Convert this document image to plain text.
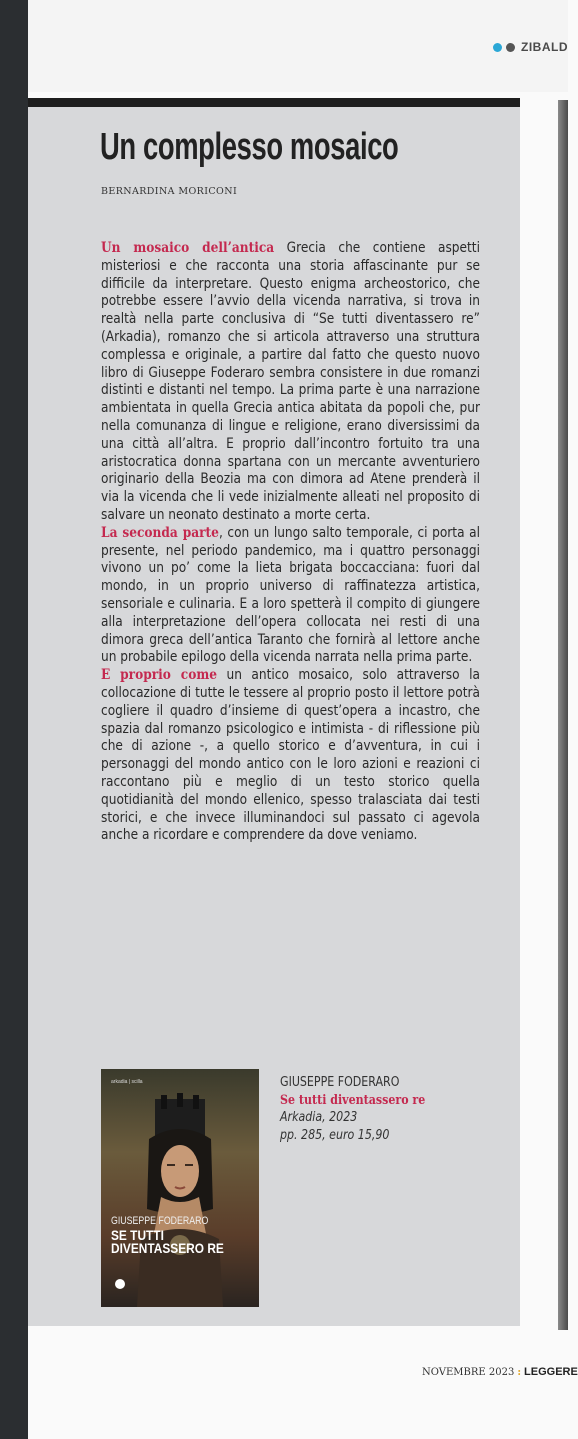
ZIBALD
Un complesso mosaico
BERNARDINA MORICONI

Un mosaico dell’antica Grecia che contiene aspetti misteriosi e che racconta una storia affascinante pur se difficile da interpretare. Questo enigma archeostorico, che potrebbe essere l’avvio della vicenda narrativa, si trova in realtà nella parte conclusiva di “Se tutti diventassero re” (Arkadia), romanzo che si articola attraverso una struttura complessa e originale, a partire dal fatto che questo nuovo libro di Giuseppe Foderaro sembra consistere in due romanzi distinti e distanti nel tempo. La prima parte è una narrazione ambientata in quella Grecia antica abitata da popoli che, pur nella comunanza di lingue e religione, erano diversissimi da una città all’altra. E proprio dall’incontro fortuito tra una aristocratica donna spartana con un mercante avventuriero originario della Beozia ma con dimora ad Atene prenderà il via la vicenda che li vede inizialmente alleati nel proposito di salvare un neonato destinato a morte certa.

La seconda parte, con un lungo salto temporale, ci porta al presente, nel periodo pandemico, ma i quattro personaggi vivono un po’ come la lieta brigata boccacciana: fuori dal mondo, in un proprio universo di raffinatezza artistica, sensoriale e culinaria. E a loro spetterà il compito di giungere alla interpretazione dell’opera collocata nei resti di una dimora greca dell’antica Taranto che fornirà al lettore anche un probabile epilogo della vicenda narrata nella prima parte.

E proprio come un antico mosaico, solo attraverso la collocazione di tutte le tessere al proprio posto il lettore potrà cogliere il quadro d’insieme di quest’opera a incastro, che spazia dal romanzo psicologico e intimista - di riflessione più che di azione -, a quello storico e d’avventura, in cui i personaggi del mondo antico con le loro azioni e reazioni ci raccontano più e meglio di un testo storico quella quotidianità del mondo ellenico, spesso tralasciata dai testi storici, e che invece illuminandoci sul passato ci agevola anche a ricordare e comprendere da dove veniamo.

arkadia | scilla
GIUSEPPE FODERARO
SE TUTTI
DIVENTASSERO RE
GIUSEPPE FODERARO
Se tutti diventassero re
Arkadia, 2023
pp. 285, euro 15,90
NOVEMBRE 2023 : LEGGERE
